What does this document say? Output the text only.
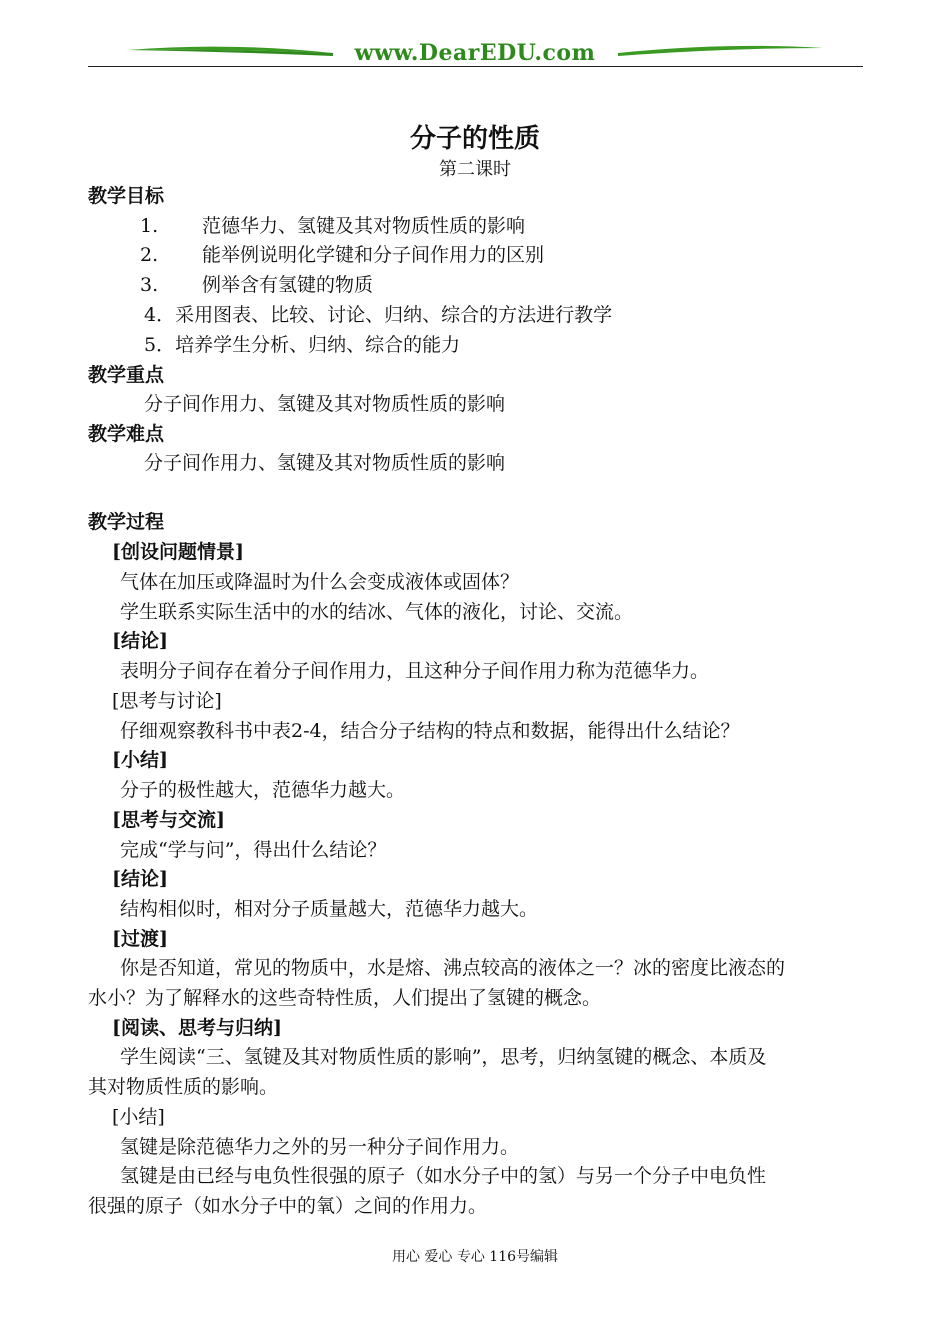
www.DearEDU.com
分子的性质
第二课时
教学目标
1. 范德华力、氢键及其对物质性质的影响
2. 能举例说明化学键和分子间作用力的区别
3. 例举含有氢键的物质
4．采用图表、比较、讨论、归纳、综合的方法进行教学
5．培养学生分析、归纳、综合的能力
教学重点
分子间作用力、氢键及其对物质性质的影响
教学难点
分子间作用力、氢键及其对物质性质的影响
教学过程
[创设问题情景]
气体在加压或降温时为什么会变成液体或固体？
学生联系实际生活中的水的结冰、气体的液化，讨论、交流。
[结论]
表明分子间存在着分子间作用力，且这种分子间作用力称为范德华力。
[思考与讨论]
仔细观察教科书中表2-4，结合分子结构的特点和数据，能得出什么结论？
[小结]
分子的极性越大，范德华力越大。
[思考与交流]
完成“学与问”，得出什么结论？
[结论]
结构相似时，相对分子质量越大，范德华力越大。
[过渡]
你是否知道，常见的物质中，水是熔、沸点较高的液体之一？冰的密度比液态的
水小？为了解释水的这些奇特性质，人们提出了氢键的概念。
[阅读、思考与归纳]
学生阅读“三、氢键及其对物质性质的影响”，思考，归纳氢键的概念、本质及
其对物质性质的影响。
[小结]
氢键是除范德华力之外的另一种分子间作用力。
氢键是由已经与电负性很强的原子（如水分子中的氢）与另一个分子中电负性
很强的原子（如水分子中的氧）之间的作用力。
用心 爱心 专心 116号编辑
